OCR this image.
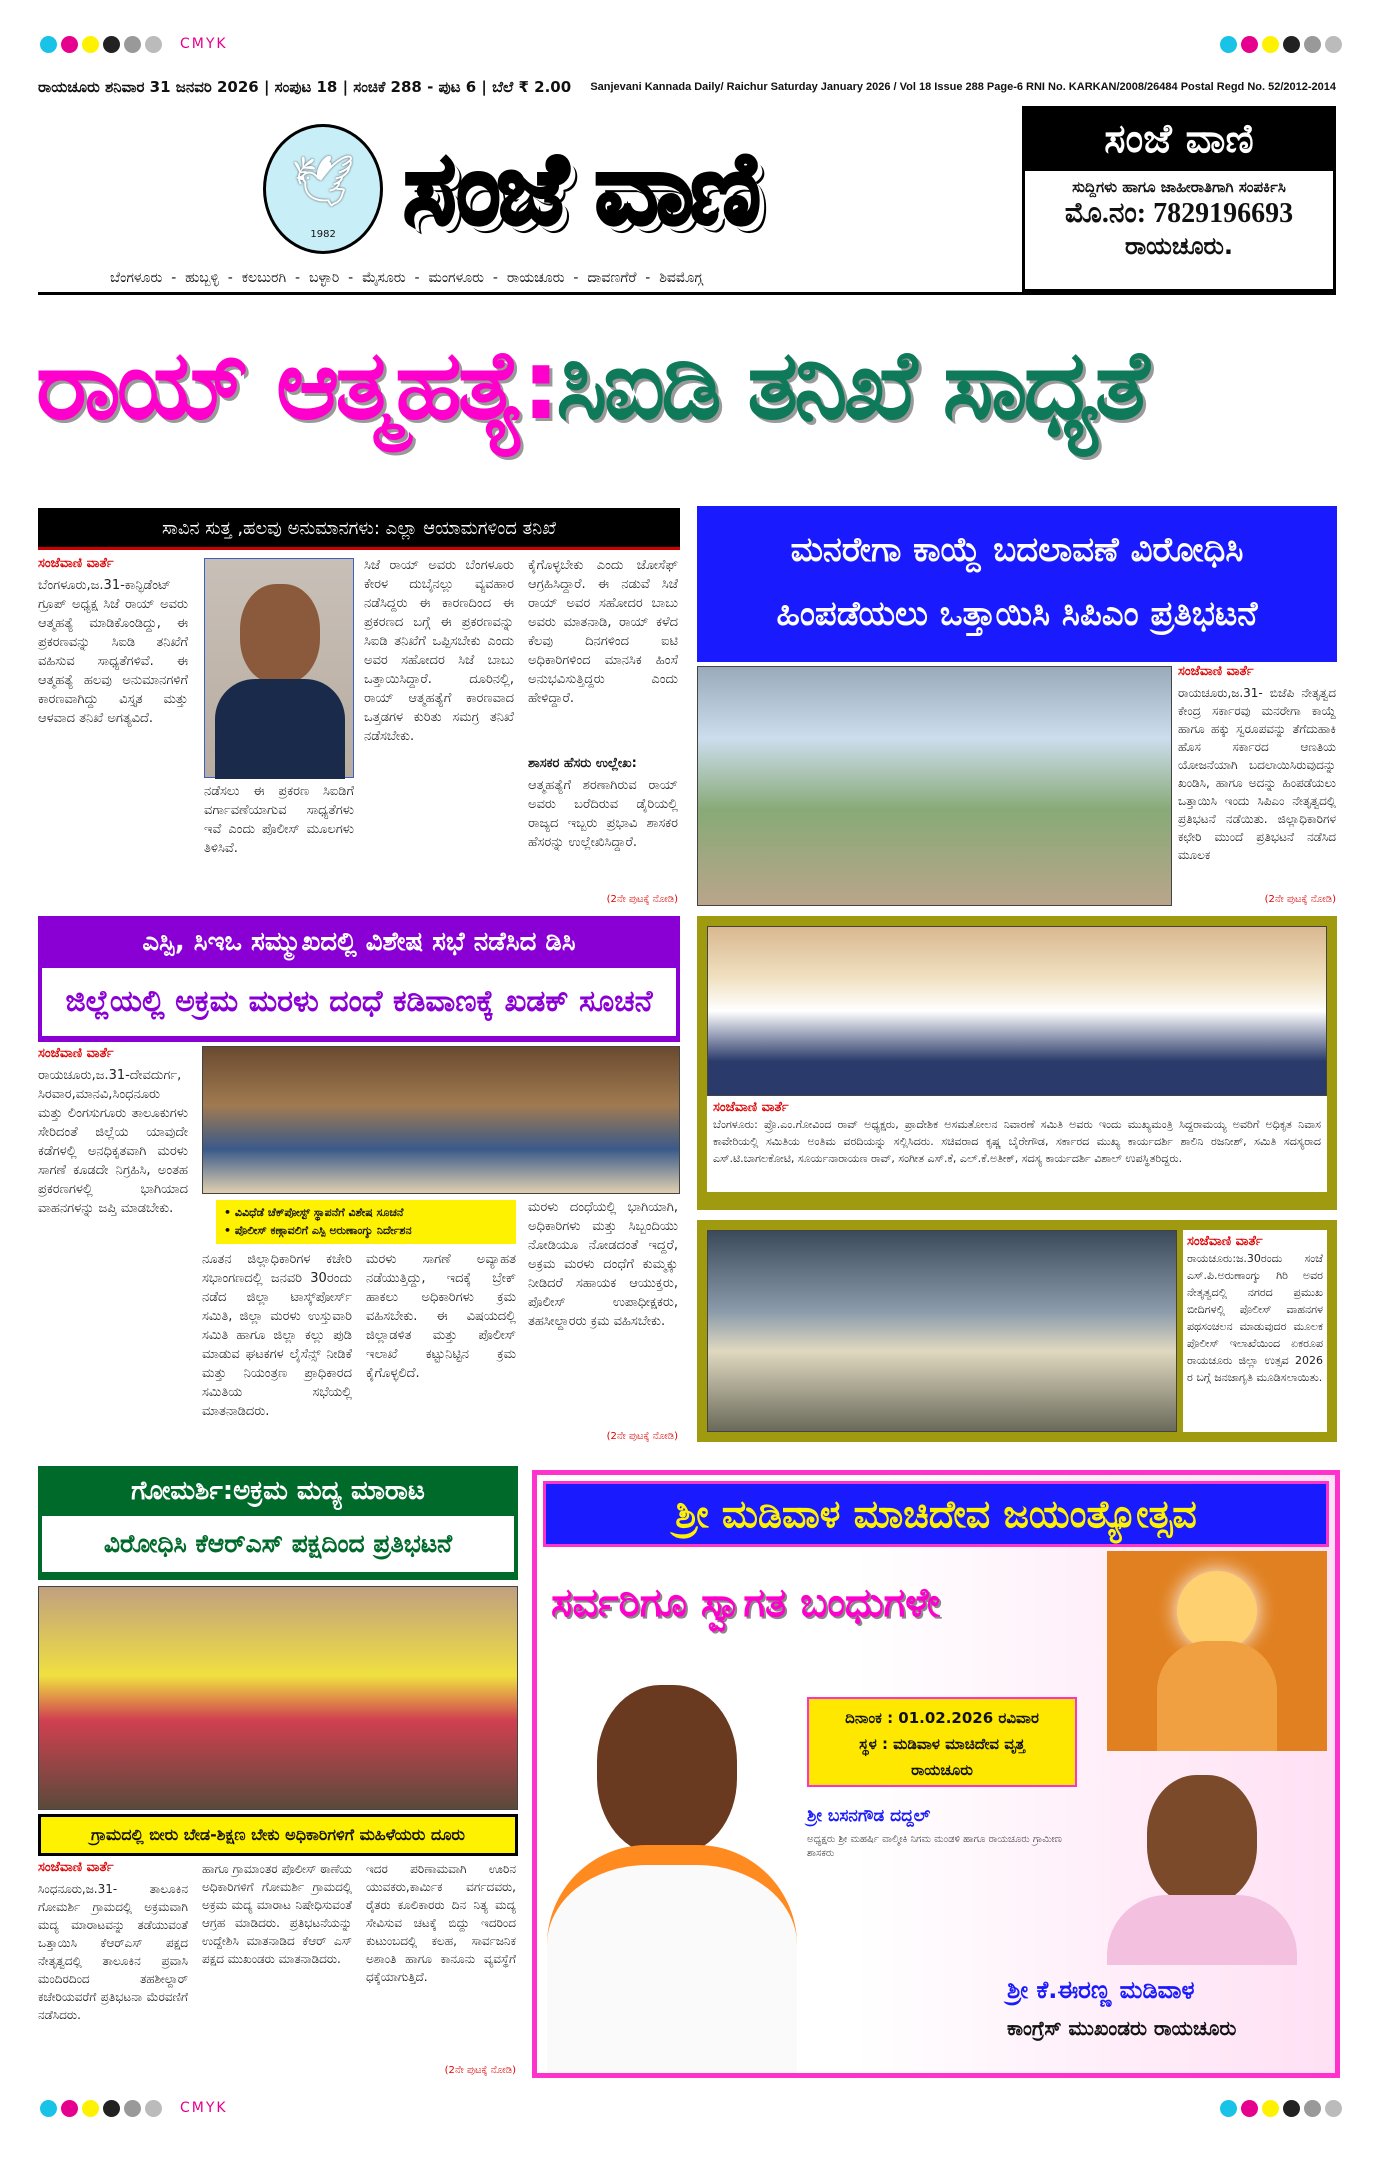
CMYK
ರಾಯಚೂರು ಶನಿವಾರ 31 ಜನವರಿ 2026 | ಸಂಪುಟ 18 | ಸಂಚಿಕೆ 288 - ಪುಟ 6 | ಬೆಲೆ ₹ 2.00	Sanjevani Kannada Daily/ Raichur Saturday January 2026 / Vol 18 Issue 288 Page-6 RNI No. KARKAN/2008/26484 Postal Regd No. 52/2012-2014
🕊
1982 ಸಂಜೆ ವಾಣಿ
ಬೆಂಗಳೂರು  -  ಹುಬ್ಬಳ್ಳಿ  -  ಕಲಬುರಗಿ  -  ಬಳ್ಳಾರಿ  -  ಮೈಸೂರು  -  ಮಂಗಳೂರು  -  ರಾಯಚೂರು  -  ದಾವಣಗೆರೆ  -  ಶಿವಮೊಗ್ಗ
ಸಂಜೆ ವಾಣಿ
ಸುದ್ದಿಗಳು ಹಾಗೂ ಜಾಹೀರಾತಿಗಾಗಿ ಸಂಪರ್ಕಿಸಿ
ಮೊ.ನಂ: 7829196693
ರಾಯಚೂರು.
ರಾಯ್ ಆತ್ಮಹತ್ಯೆ:ಸಿಐಡಿ ತನಿಖೆ ಸಾಧ್ಯತೆ
ಸಾವಿನ ಸುತ್ತ ,ಹಲವು ಅನುಮಾನಗಳು: ಎಲ್ಲಾ ಆಯಾಮಗಳಿಂದ ತನಿಖೆ
ಸಂಜೆವಾಣಿ ವಾರ್ತೆ
ಬೆಂಗಳೂರು,ಜ.31-ಕಾನ್ಫಿಡೆಂಟ್ ಗ್ರೂಪ್ ಅಧ್ಯಕ್ಷ ಸಿಜೆ ರಾಯ್ ಅವರು ಆತ್ಮಹತ್ಯೆ ಮಾಡಿಕೊಂಡಿದ್ದು, ಈ ಪ್ರಕರಣವನ್ನು ಸಿಐಡಿ ತನಿಖೆಗೆ ವಹಿಸುವ ಸಾಧ್ಯತೆಗಳಿವೆ. ಈ ಆತ್ಮಹತ್ಯೆ ಹಲವು ಅನುಮಾನಗಳಿಗೆ ಕಾರಣವಾಗಿದ್ದು ವಿಸ್ತೃತ ಮತ್ತು ಆಳವಾದ ತನಿಖೆ ಅಗತ್ಯವಿದೆ.
ನಡೆಸಲು ಈ ಪ್ರಕರಣ ಸಿಐಡಿಗೆ ವರ್ಗಾವಣೆಯಾಗುವ ಸಾಧ್ಯತೆಗಳು ಇವೆ ಎಂದು ಪೊಲೀಸ್ ಮೂಲಗಳು ತಿಳಿಸಿವೆ.
ಸಿಜೆ ರಾಯ್ ಅವರು ಬೆಂಗಳೂರು ಕೇರಳ ದುಬೈನಲ್ಲು ವ್ಯವಹಾರ ನಡೆಸಿದ್ದರು ಈ ಕಾರಣದಿಂದ ಈ ಪ್ರಕರಣದ ಬಗ್ಗೆ ಈ ಪ್ರಕರಣವನ್ನು ಸಿಐಡಿ ತನಿಖೆಗೆ ಒಪ್ಪಿಸಬೇಕು ಎಂದು ಅವರ ಸಹೋದರ ಸಿಜೆ ಬಾಬು ಒತ್ತಾಯಿಸಿದ್ದಾರೆ. ದೂರಿನಲ್ಲಿ, ರಾಯ್ ಆತ್ಮಹತ್ಯೆಗೆ ಕಾರಣವಾದ ಒತ್ತಡಗಳ ಕುರಿತು ಸಮಗ್ರ ತನಿಖೆ ನಡೆಸಬೇಕು.
ಕೈಗೊಳ್ಳಬೇಕು ಎಂದು ಜೋಸೆಫ್ ಆಗ್ರಹಿಸಿದ್ದಾರೆ. ಈ ನಡುವೆ ಸಿಜೆ ರಾಯ್ ಅವರ ಸಹೋದರ ಬಾಬು ಅವರು ಮಾತನಾಡಿ, ರಾಯ್ ಕಳೆದ ಕೆಲವು ದಿನಗಳಿಂದ ಐಟಿ ಅಧಿಕಾರಿಗಳಿಂದ ಮಾನಸಿಕ ಹಿಂಸೆ ಅನುಭವಿಸುತ್ತಿದ್ದರು ಎಂದು ಹೇಳಿದ್ದಾರೆ.
ಶಾಸಕರ ಹೆಸರು ಉಲ್ಲೇಖ:
ಆತ್ಮಹತ್ಯೆಗೆ ಶರಣಾಗಿರುವ ರಾಯ್ ಅವರು ಬರೆದಿರುವ ಡೈರಿಯಲ್ಲಿ ರಾಜ್ಯದ ಇಬ್ಬರು ಪ್ರಭಾವಿ ಶಾಸಕರ ಹೆಸರನ್ನು ಉಲ್ಲೇಖಿಸಿದ್ದಾರೆ.
(2ನೇ ಪುಟಕ್ಕೆ ನೋಡಿ)
ಮನರೇಗಾ ಕಾಯ್ದೆ ಬದಲಾವಣೆ ವಿರೋಧಿಸಿ
ಹಿಂಪಡೆಯಲು ಒತ್ತಾಯಿಸಿ ಸಿಪಿಎಂ ಪ್ರತಿಭಟನೆ
ಸಂಜೆವಾಣಿ ವಾರ್ತೆ
ರಾಯಚೂರು,ಜ.31- ಬಿಜೆಪಿ ನೇತೃತ್ವದ ಕೇಂದ್ರ ಸರ್ಕಾರವು ಮನರೇಗಾ ಕಾಯ್ದೆ ಹಾಗೂ ಹಕ್ಕು ಸ್ವರೂಪವನ್ನು ತೆಗೆದುಹಾಕಿ ಹೊಸ ಸರ್ಕಾರದ ಆಣತಿಯ ಯೋಜನೆಯಾಗಿ ಬದಲಾಯಿಸಿರುವುದನ್ನು ಖಂಡಿಸಿ, ಹಾಗೂ ಅದನ್ನು ಹಿಂಪಡೆಯಲು ಒತ್ತಾಯಿಸಿ ಇಂದು ಸಿಪಿಎಂ ನೇತೃತ್ವದಲ್ಲಿ ಪ್ರತಿಭಟನೆ ನಡೆಯಿತು. ಜಿಲ್ಲಾಧಿಕಾರಿಗಳ ಕಛೇರಿ ಮುಂದೆ ಪ್ರತಿಭಟನೆ ನಡೆಸಿದ ಮೂಲಕ
(2ನೇ ಪುಟಕ್ಕೆ ನೋಡಿ)
ಎಸ್ಪಿ, ಸಿಇಒ ಸಮ್ಮುಖದಲ್ಲಿ ವಿಶೇಷ ಸಭೆ ನಡೆಸಿದ ಡಿಸಿ
ಜಿಲ್ಲೆಯಲ್ಲಿ ಅಕ್ರಮ ಮರಳು ದಂಧೆ ಕಡಿವಾಣಕ್ಕೆ ಖಡಕ್ ಸೂಚನೆ
ಸಂಜೆವಾಣಿ ವಾರ್ತೆ
ರಾಯಚೂರು,ಜ.31-ದೇವದುರ್ಗ, ಸಿರವಾರ,ಮಾನವಿ,ಸಿಂಧನೂರು ಮತ್ತು ಲಿಂಗಸುಗೂರು ತಾಲೂಕುಗಳು ಸೇರಿದಂತೆ ಜಿಲ್ಲೆಯ ಯಾವುದೇ ಕಡೆಗಳಲ್ಲಿ ಅನಧಿಕೃತವಾಗಿ ಮರಳು ಸಾಗಣೆ ಕೂಡದೇ ನಿಗ್ರಹಿಸಿ, ಅಂತಹ ಪ್ರಕರಣಗಳಲ್ಲಿ ಭಾಗಿಯಾದ ವಾಹನಗಳನ್ನು ಜಪ್ತಿ ಮಾಡಬೇಕು.	• ವಿವಿಧೆಡೆ ಚೆಕ್‌ಪೋಸ್ಟ್ ಸ್ಥಾಪನೆಗೆ ವಿಶೇಷ ಸೂಚನೆ
• ಪೊಲೀಸ್ ಕಣ್ಗಾವಲಿಗೆ ಎಸ್ಪಿ ಅರುಣಾಂಗ್ಶು ನಿರ್ದೇಶನ
ನೂತನ ಜಿಲ್ಲಾಧಿಕಾರಿಗಳ ಕಚೇರಿ ಸಭಾಂಗಣದಲ್ಲಿ ಜನವರಿ 30ರಂದು ನಡೆದ ಜಿಲ್ಲಾ ಟಾಸ್ಕ್‌ಪೋರ್ಸ್ ಸಮಿತಿ, ಜಿಲ್ಲಾ ಮರಳು ಉಸ್ತುವಾರಿ ಸಮಿತಿ ಹಾಗೂ ಜಿಲ್ಲಾ ಕಲ್ಲು ಪುಡಿ ಮಾಡುವ ಘಟಕಗಳ ಲೈಸೆನ್ಸ್ ನೀಡಿಕೆ ಮತ್ತು ನಿಯಂತ್ರಣ ಪ್ರಾಧಿಕಾರದ ಸಮಿತಿಯ ಸಭೆಯಲ್ಲಿ ಮಾತನಾಡಿದರು.
ಮರಳು ಸಾಗಣೆ ಅವ್ಯಾಹತ ನಡೆಯುತ್ತಿದ್ದು, ಇದಕ್ಕೆ ಬ್ರೇಕ್ ಹಾಕಲು ಅಧಿಕಾರಿಗಳು ಕ್ರಮ ವಹಿಸಬೇಕು. ಈ ವಿಷಯದಲ್ಲಿ ಜಿಲ್ಲಾಡಳಿತ ಮತ್ತು ಪೊಲೀಸ್ ಇಲಾಖೆ ಕಟ್ಟುನಿಟ್ಟಿನ ಕ್ರಮ ಕೈಗೊಳ್ಳಲಿದೆ.
ಮರಳು ದಂಧೆಯಲ್ಲಿ ಭಾಗಿಯಾಗಿ, ಅಧಿಕಾರಿಗಳು ಮತ್ತು ಸಿಬ್ಬಂದಿಯು ನೋಡಿಯೂ ನೋಡದಂತೆ ಇದ್ದರೆ, ಅಕ್ರಮ ಮರಳು ದಂಧೆಗೆ ಕುಮ್ಮಕ್ಕು ನೀಡಿದರೆ ಸಹಾಯಕ ಆಯುಕ್ತರು, ಪೊಲೀಸ್ ಉಪಾಧೀಕ್ಷಕರು, ತಹಸೀಲ್ದಾರರು ಕ್ರಮ ವಹಿಸಬೇಕು.
(2ನೇ ಪುಟಕ್ಕೆ ನೋಡಿ)
ಸಂಜೆವಾಣಿ ವಾರ್ತೆ
ಬೆಂಗಳೂರು: ಪ್ರೊ.ಎಂ.ಗೋವಿಂದ ರಾವ್ ಅಧ್ಯಕ್ಷರು, ಪ್ರಾದೇಶಿಕ ಅಸಮತೋಲನ ನಿವಾರಣೆ ಸಮಿತಿ ಅವರು ಇಂದು ಮುಖ್ಯಮಂತ್ರಿ ಸಿದ್ದರಾಮಯ್ಯ ಅವರಿಗೆ ಅಧಿಕೃತ ನಿವಾಸ ಕಾವೇರಿಯಲ್ಲಿ ಸಮಿತಿಯ ಅಂತಿಮ ವರದಿಯನ್ನು ಸಲ್ಲಿಸಿದರು. ಸಚಿವರಾದ ಕೃಷ್ಣ ಬೈರೇಗೌಡ, ಸರ್ಕಾರದ ಮುಖ್ಯ ಕಾರ್ಯದರ್ಶಿ ಶಾಲಿನಿ ರಜನೀಶ್, ಸಮಿತಿ ಸದಸ್ಯರಾದ ಎಸ್.ಟಿ.ಬಾಗಲಕೋಟಿ, ಸೂರ್ಯನಾರಾಯಣ ರಾವ್, ಸಂಗೀತ ಎಸ್.ಕೆ, ಎಲ್.ಕೆ.ಅತೀಕ್, ಸದಸ್ಯ ಕಾರ್ಯದರ್ಶಿ ವಿಶಾಲ್ ಉಪಸ್ಥಿತರಿದ್ದರು.
ಸಂಜೆವಾಣಿ ವಾರ್ತೆ
ರಾಯಚೂರು:ಜ.30ರಂದು ಸಂಜೆ ಎಸ್.ಪಿ.ಅರುಣಾಂಗ್ಶು ಗಿರಿ ಅವರ ನೇತೃತ್ವದಲ್ಲಿ ನಗರದ ಪ್ರಮುಖ ಬೀದಿಗಳಲ್ಲಿ ಪೊಲೀಸ್ ವಾಹನಗಳ ಪಥಸಂಚಲನ ಮಾಡುವುದರ ಮೂಲಕ ಪೊಲೀಸ್ ಇಲಾಖೆಯಿಂದ ಏಕರೂಪ ರಾಯಚೂರು ಜಿಲ್ಲಾ ಉತ್ಸವ 2026 ರ ಬಗ್ಗೆ ಜನಜಾಗೃತಿ ಮೂಡಿಸಲಾಯಿತು.
ಗೋಮರ್ಶಿ:ಅಕ್ರಮ ಮದ್ಯ ಮಾರಾಟ
ವಿರೋಧಿಸಿ ಕೆಆರ್‌ಎಸ್ ಪಕ್ಷದಿಂದ ಪ್ರತಿಭಟನೆ
ಗ್ರಾಮದಲ್ಲಿ ಬೀರು ಬೇಡ-ಶಿಕ್ಷಣ ಬೇಕು ಅಧಿಕಾರಿಗಳಿಗೆ ಮಹಿಳೆಯರು ದೂರು
ಸಂಜೆವಾಣಿ ವಾರ್ತೆ
ಸಿಂಧನೂರು,ಜ.31- ತಾಲೂಕಿನ ಗೋಮರ್ಶಿ ಗ್ರಾಮದಲ್ಲಿ ಅಕ್ರಮವಾಗಿ ಮದ್ಯ ಮಾರಾಟವನ್ನು ತಡೆಯುವಂತೆ ಒತ್ತಾಯಿಸಿ ಕೆಆರ್‌ಎಸ್ ಪಕ್ಷದ ನೇತೃತ್ವದಲ್ಲಿ ತಾಲೂಕಿನ ಪ್ರವಾಸಿ ಮಂದಿರದಿಂದ ತಹಶೀಲ್ದಾರ್ ಕಚೇರಿಯವರೆಗೆ ಪ್ರತಿಭಟನಾ ಮೆರವಣಿಗೆ ನಡೆಸಿದರು.
ಹಾಗೂ ಗ್ರಾಮಾಂತರ ಪೊಲೀಸ್ ಠಾಣೆಯ ಅಧಿಕಾರಿಗಳಿಗೆ ಗೋಮರ್ಶಿ ಗ್ರಾಮದಲ್ಲಿ ಅಕ್ರಮ ಮದ್ಯ ಮಾರಾಟ ನಿಷೇಧಿಸುವಂತೆ ಆಗ್ರಹ ಮಾಡಿದರು. ಪ್ರತಿಭಟನೆಯನ್ನು ಉದ್ದೇಶಿಸಿ ಮಾತನಾಡಿದ ಕೆಆರ್ ಎಸ್ ಪಕ್ಷದ ಮುಖಂಡರು ಮಾತನಾಡಿದರು.
ಇದರ ಪರಿಣಾಮವಾಗಿ ಊರಿನ ಯುವಕರು,ಕಾರ್ಮಿಕ ವರ್ಗದವರು, ರೈತರು ಕೂಲಿಕಾರರು ದಿನ ನಿತ್ಯ ಮದ್ಯ ಸೇವಿಸುವ ಚಟಕ್ಕೆ ಬಿದ್ದು ಇದರಿಂದ ಕುಟುಂಬದಲ್ಲಿ ಕಲಹ, ಸಾರ್ವಜನಿಕ ಅಶಾಂತಿ ಹಾಗೂ ಕಾನೂನು ವ್ಯವಸ್ಥೆಗೆ ಧಕ್ಕೆಯಾಗುತ್ತಿದೆ.
(2ನೇ ಪುಟಕ್ಕೆ ನೋಡಿ)
ಶ್ರೀ ಮಡಿವಾಳ ಮಾಚಿದೇವ ಜಯಂತ್ಯೋತ್ಸವ
ಸರ್ವರಿಗೂ ಸ್ವಾಗತ ಬಂಧುಗಳೇ
ದಿನಾಂಕ : 01.02.2026 ರವಿವಾರ
ಸ್ಥಳ : ಮಡಿವಾಳ ಮಾಚಿದೇವ ವೃತ್ತ
ರಾಯಚೂರು
ಶ್ರೀ ಬಸನಗೌಡ ದದ್ದಲ್
ಅಧ್ಯಕ್ಷರು ಶ್ರೀ ಮಹರ್ಷಿ ವಾಲ್ಮೀಕಿ ನಿಗಮ ಮಂಡಳಿ ಹಾಗೂ ರಾಯಚೂರು ಗ್ರಾಮೀಣ ಶಾಸಕರು
ಶ್ರೀ ಕೆ.ಈರಣ್ಣ ಮಡಿವಾಳ
ಕಾಂಗ್ರೆಸ್ ಮುಖಂಡರು ರಾಯಚೂರು
CMYK
